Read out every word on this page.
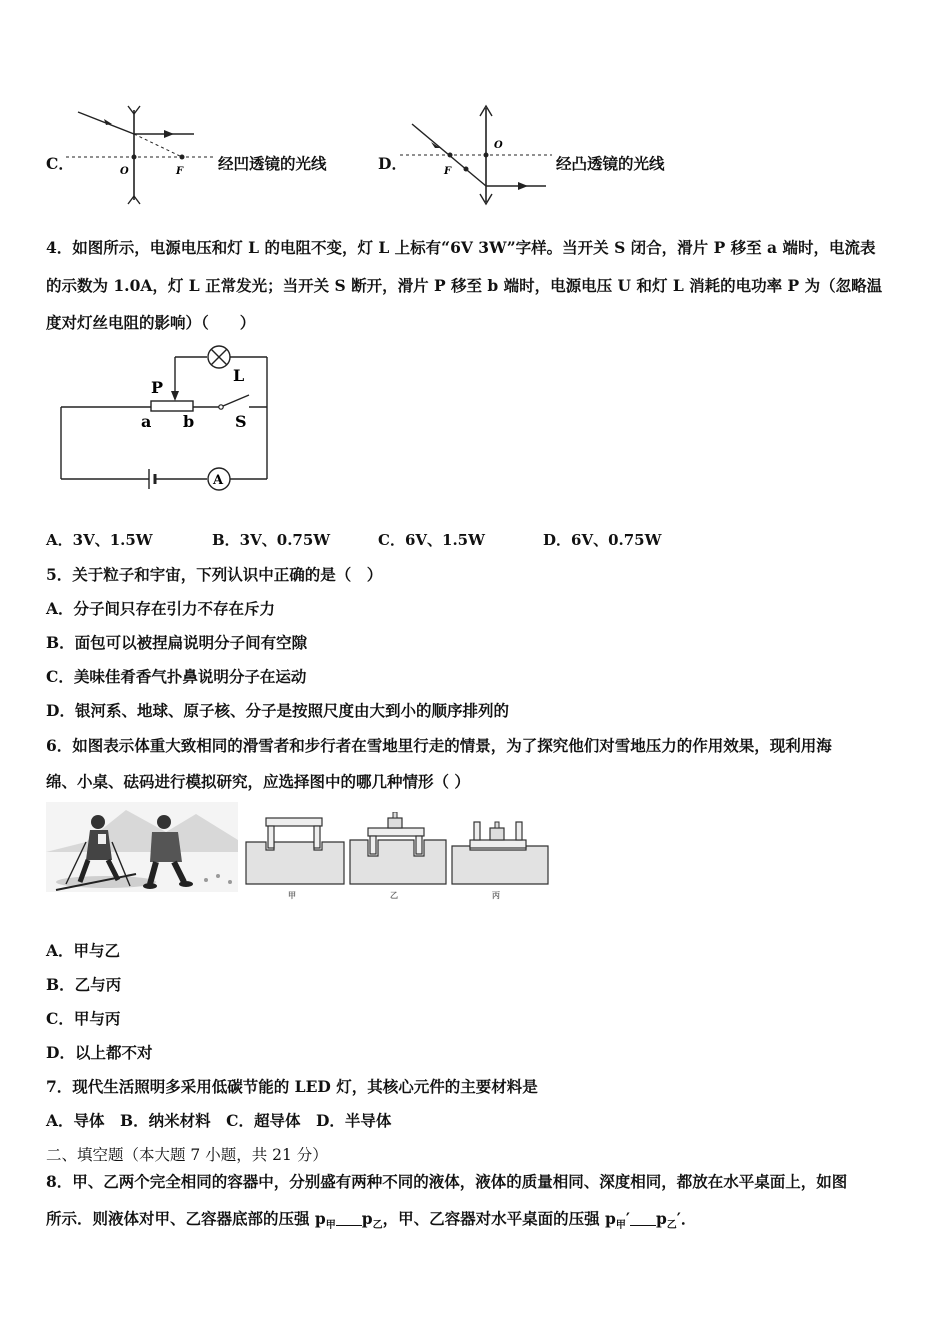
C．	O	F 经凹透镜的光线	D．
O
F	经凸透镜的光线
4．如图所示，电源电压和灯 L 的电阻不变，灯 L 上标有“6V 3W”字样。当开关 S 闭合，滑片 P 移至 a 端时，电流表
的示数为 1.0A，灯 L 正常发光；当开关 S 断开，滑片 P 移至 b 端时，电源电压 U 和灯 L 消耗的电功率 P 为（忽略温
度对灯丝电阻的影响）（　　）
A
P
L
a b	S
A．3V、1.5W	B．3V、0.75W	C．6V、1.5W	D．6V、0.75W
5．关于粒子和宇宙，下列认识中正确的是（　）
A．分子间只存在引力不存在斥力
B．面包可以被捏扁说明分子间有空隙
C．美味佳肴香气扑鼻说明分子在运动
D．银河系、地球、原子核、分子是按照尺度由大到小的顺序排列的
6．如图表示体重大致相同的滑雪者和步行者在雪地里行走的情景，为了探究他们对雪地压力的作用效果，现利用海
绵、小桌、砝码进行模拟研究，应选择图中的哪几种情形（ ）
甲	乙	丙
A．甲与乙
B．乙与丙
C．甲与丙
D．以上都不对
7．现代生活照明多采用低碳节能的 LED 灯，其核心元件的主要材料是
A．导体　B．纳米材料　C．超导体　D．半导体
二、填空题（本大题 7 小题，共 21 分）
8．甲、乙两个完全相同的容器中，分别盛有两种不同的液体，液体的质量相同、深度相同，都放在水平桌面上，如图
所示．则液体对甲、乙容器底部的压强 $p_甲$ $p_乙$，甲、乙容器对水平桌面的压强 $p_甲'$ $p_乙'$．
